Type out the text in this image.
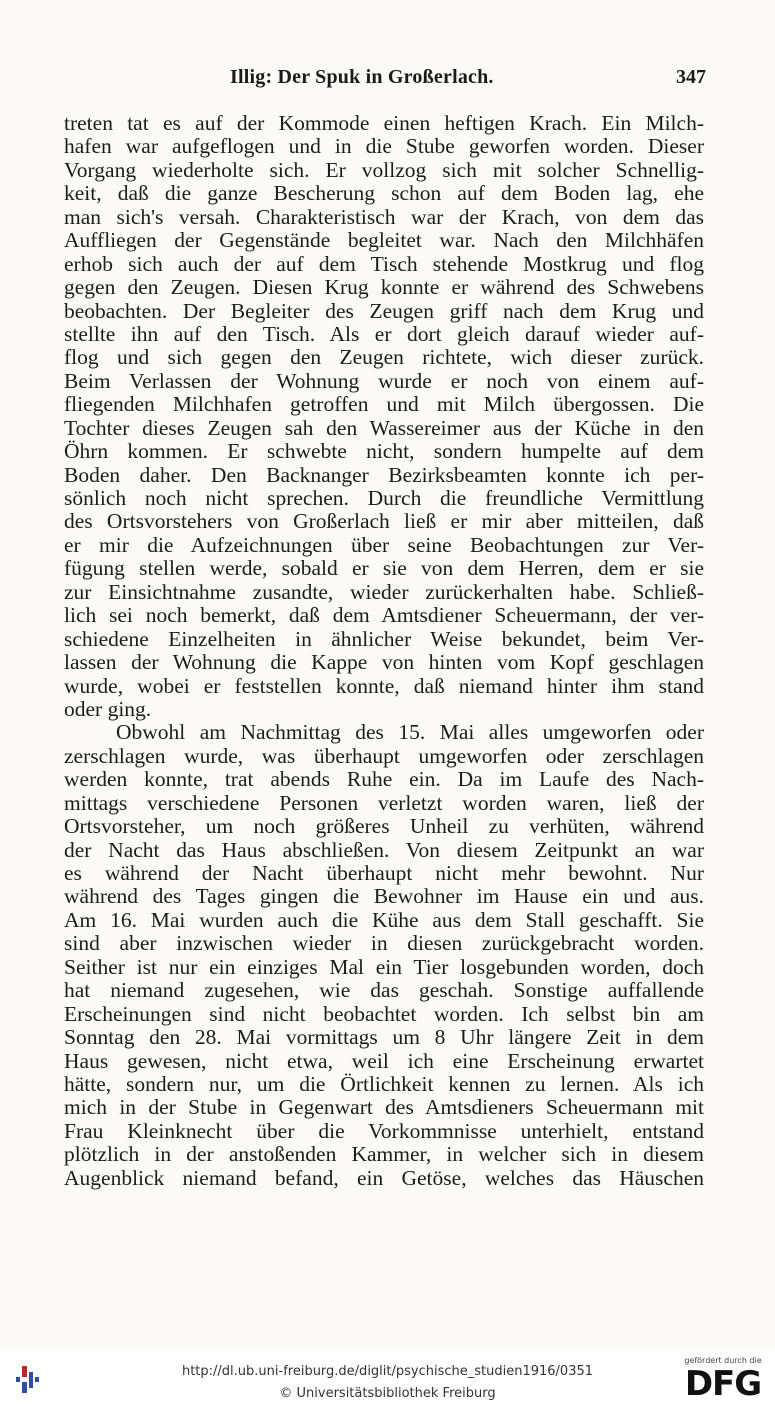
Illig: Der Spuk in Großerlach.	347
treten tat es auf der Kommode einen heftigen Krach. Ein Milch-
hafen war aufgeflogen und in die Stube geworfen worden. Dieser
Vorgang wiederholte sich. Er vollzog sich mit solcher Schnellig-
keit, daß die ganze Bescherung schon auf dem Boden lag, ehe
man sich's versah. Charakteristisch war der Krach, von dem das
Auffliegen der Gegenstände begleitet war. Nach den Milchhäfen
erhob sich auch der auf dem Tisch stehende Mostkrug und flog
gegen den Zeugen. Diesen Krug konnte er während des Schwebens
beobachten. Der Begleiter des Zeugen griff nach dem Krug und
stellte ihn auf den Tisch. Als er dort gleich darauf wieder auf-
flog und sich gegen den Zeugen richtete, wich dieser zurück.
Beim Verlassen der Wohnung wurde er noch von einem auf-
fliegenden Milchhafen getroffen und mit Milch übergossen. Die
Tochter dieses Zeugen sah den Wassereimer aus der Küche in den
Öhrn kommen. Er schwebte nicht, sondern humpelte auf dem
Boden daher. Den Backnanger Bezirksbeamten konnte ich per-
sönlich noch nicht sprechen. Durch die freundliche Vermittlung
des Ortsvorstehers von Großerlach ließ er mir aber mitteilen, daß
er mir die Aufzeichnungen über seine Beobachtungen zur Ver-
fügung stellen werde, sobald er sie von dem Herren, dem er sie
zur Einsichtnahme zusandte, wieder zurückerhalten habe. Schließ-
lich sei noch bemerkt, daß dem Amtsdiener Scheuermann, der ver-
schiedene Einzelheiten in ähnlicher Weise bekundet, beim Ver-
lassen der Wohnung die Kappe von hinten vom Kopf geschlagen
wurde, wobei er feststellen konnte, daß niemand hinter ihm stand
oder ging.
Obwohl am Nachmittag des 15. Mai alles umgeworfen oder
zerschlagen wurde, was überhaupt umgeworfen oder zerschlagen
werden konnte, trat abends Ruhe ein. Da im Laufe des Nach-
mittags verschiedene Personen verletzt worden waren, ließ der
Ortsvorsteher, um noch größeres Unheil zu verhüten, während
der Nacht das Haus abschließen. Von diesem Zeitpunkt an war
es während der Nacht überhaupt nicht mehr bewohnt. Nur
während des Tages gingen die Bewohner im Hause ein und aus.
Am 16. Mai wurden auch die Kühe aus dem Stall geschafft. Sie
sind aber inzwischen wieder in diesen zurückgebracht worden.
Seither ist nur ein einziges Mal ein Tier losgebunden worden, doch
hat niemand zugesehen, wie das geschah. Sonstige auffallende
Erscheinungen sind nicht beobachtet worden. Ich selbst bin am
Sonntag den 28. Mai vormittags um 8 Uhr längere Zeit in dem
Haus gewesen, nicht etwa, weil ich eine Erscheinung erwartet
hätte, sondern nur, um die Örtlichkeit kennen zu lernen. Als ich
mich in der Stube in Gegenwart des Amtsdieners Scheuermann mit
Frau Kleinknecht über die Vorkommnisse unterhielt, entstand
plötzlich in der anstoßenden Kammer, in welcher sich in diesem
Augenblick niemand befand, ein Getöse, welches das Häuschen
http://dl.ub.uni-freiburg.de/diglit/psychische_studien1916/0351
© Universitätsbibliothek Freiburg
gefördert durch die
DFG
